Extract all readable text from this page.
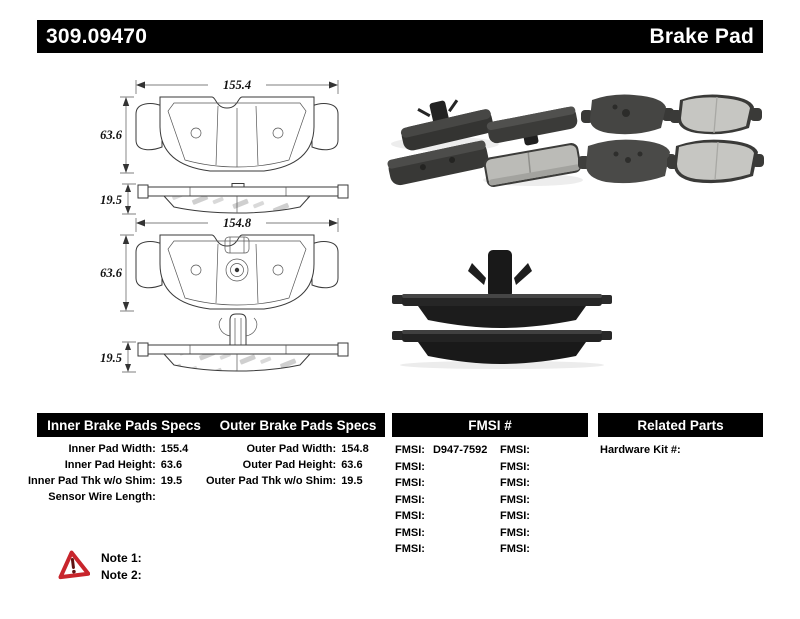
309.09470	Brake Pad
155.4
63.6
19.5
154.8
63.6
19.5
Inner Brake Pads Specs	Outer Brake Pads Specs	FMSI #	Related Parts
Inner Pad Width: 155.4
Inner Pad Height: 63.6
Inner Pad Thk w/o Shim: 19.5
Sensor Wire Length:
Outer Pad Width: 154.8
Outer Pad Height: 63.6
Outer Pad Thk w/o Shim: 19.5
FMSI: D947-7592
FMSI:
FMSI:
FMSI:
FMSI:
FMSI:
FMSI:
FMSI:
FMSI:
FMSI:
FMSI:
FMSI:
FMSI:
FMSI:
Hardware Kit #:
Note 1:
Note 2:
